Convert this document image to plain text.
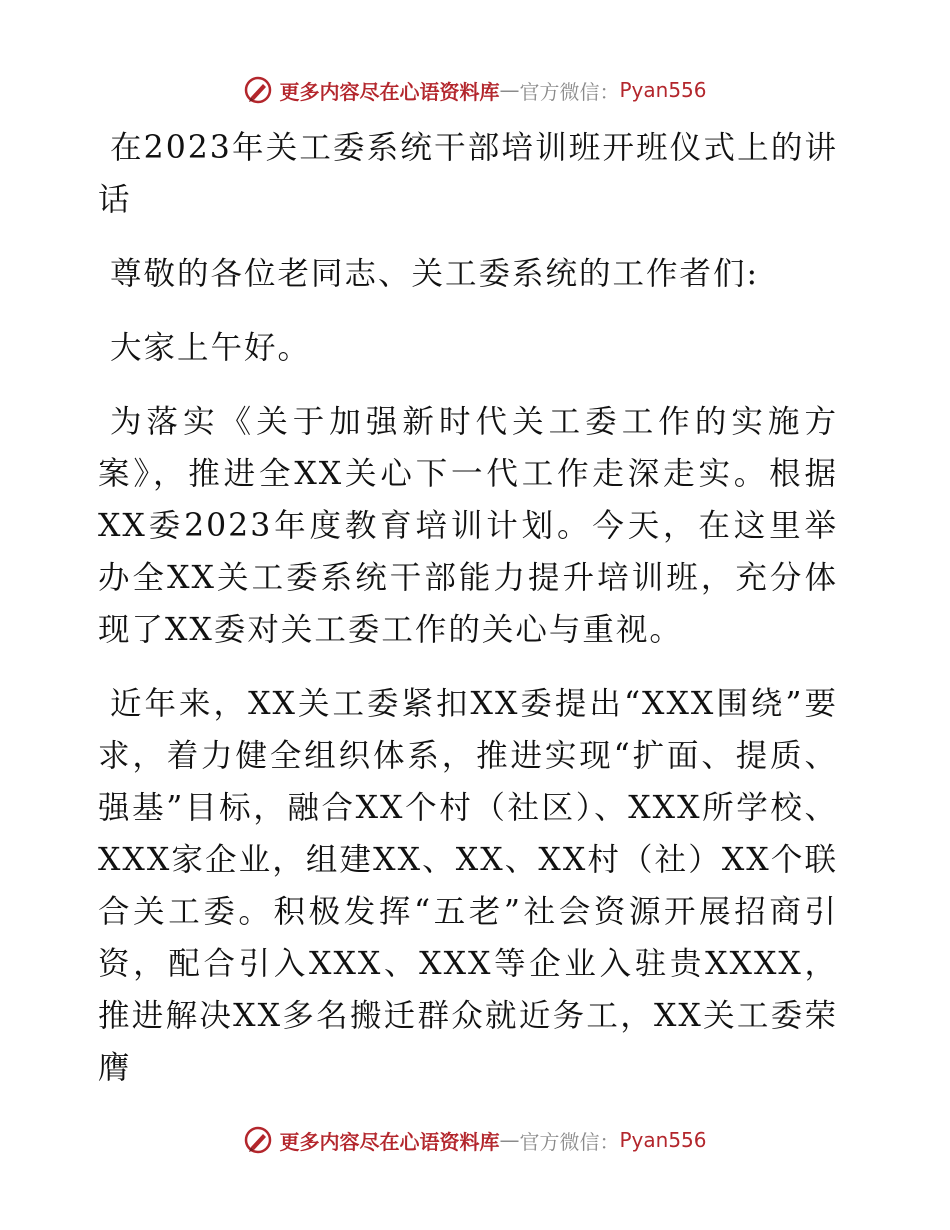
更多内容尽在心语资料库 — 官方微信： Pyan556

在2023年关工委系统干部培训班开班仪式上的讲话

尊敬的各位老同志、关工委系统的工作者们:

大家上午好。

为落实《关于加强新时代关工委工作的实施方案》，推进全XX关心下一代工作走深走实。根据XX委2023年度教育培训计划。今天，在这里举办全XX关工委系统干部能力提升培训班，充分体现了XX委对关工委工作的关心与重视。

近年来，XX关工委紧扣XX委提出“XXX围绕”要求，着力健全组织体系，推进实现“扩面、提质、强基”目标，融合XX个村（社区）、XXX所学校、XXX家企业，组建XX、XX、XX村（社）XX个联合关工委。积极发挥“五老”社会资源开展招商引资，配合引入XXX、XXX等企业入驻贵XXXX，推进解决XX多名搬迁群众就近务工，XX关工委荣膺

更多内容尽在心语资料库 — 官方微信： Pyan556
